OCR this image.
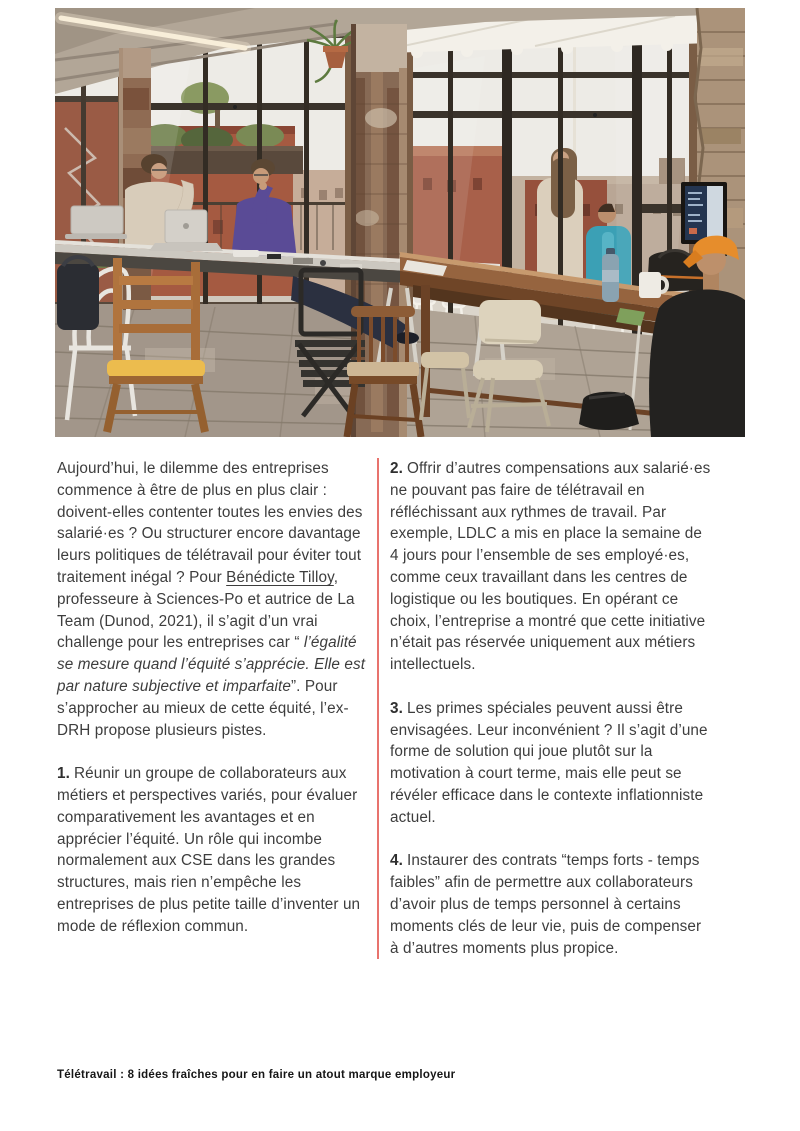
Aujourd’hui, le dilemme des entreprises commence à être de plus en plus clair : doivent-elles contenter toutes les envies des salarié·es ? Ou structurer encore davantage leurs politiques de télétravail pour éviter tout traitement inégal ? Pour Bénédicte Tilloy, professeure à Sciences-Po et autrice de La Team (Dunod, 2021), il s’agit d’un vrai challenge pour les entreprises car “ l’égalité se mesure quand l’équité s’apprécie. Elle est par nature subjective et imparfaite”. Pour s’approcher au mieux de cette équité, l’ex-DRH propose plusieurs pistes.

1. Réunir un groupe de collaborateurs aux métiers et perspectives variés, pour évaluer comparativement les avantages et en apprécier l’équité. Un rôle qui incombe normalement aux CSE dans les grandes structures, mais rien n’empêche les entreprises de plus petite taille d’inventer un mode de réflexion commun.

2. Offrir d’autres compensations aux salarié·es ne pouvant pas faire de télétravail en réfléchissant aux rythmes de travail. Par exemple, LDLC a mis en place la semaine de 4 jours pour l’ensemble de ses employé·es, comme ceux travaillant dans les centres de logistique ou les boutiques. En opérant ce choix, l’entreprise a montré que cette initiative n’était pas réservée uniquement aux métiers intellectuels.

3. Les primes spéciales peuvent aussi être envisagées. Leur inconvénient ? Il s’agit d’une forme de solution qui joue plutôt sur la motivation à court terme, mais elle peut se révéler efficace dans le contexte inflationniste actuel.

4. Instaurer des contrats “temps forts - temps faibles” afin de permettre aux collaborateurs d’avoir plus de temps personnel à certains moments clés de leur vie, puis de compenser à d’autres moments plus propice.

Télétravail : 8 idées fraîches pour en faire un atout marque employeur
